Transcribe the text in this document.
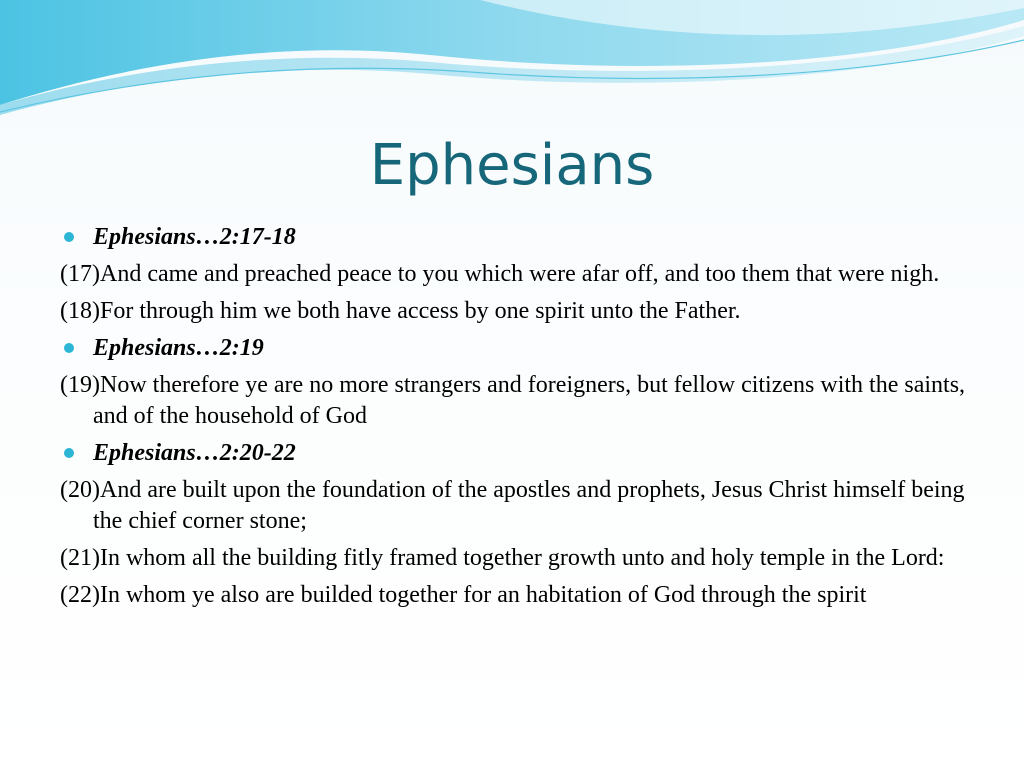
Ephesians

Ephesians…2:17-18

(17)And came and preached peace to you which were afar off, and too them that were nigh.

(18)For through him we both have access by one spirit unto the Father.

Ephesians…2:19

(19)Now therefore ye are no more strangers and foreigners, but fellow citizens with the saints, and of the household of God

Ephesians…2:20-22

(20)And are built upon the foundation of the apostles and prophets, Jesus Christ himself being the chief corner stone;

(21)In whom all the building fitly framed together growth unto and holy temple in the Lord:

(22)In whom ye also are builded together for an habitation of God through the spirit
